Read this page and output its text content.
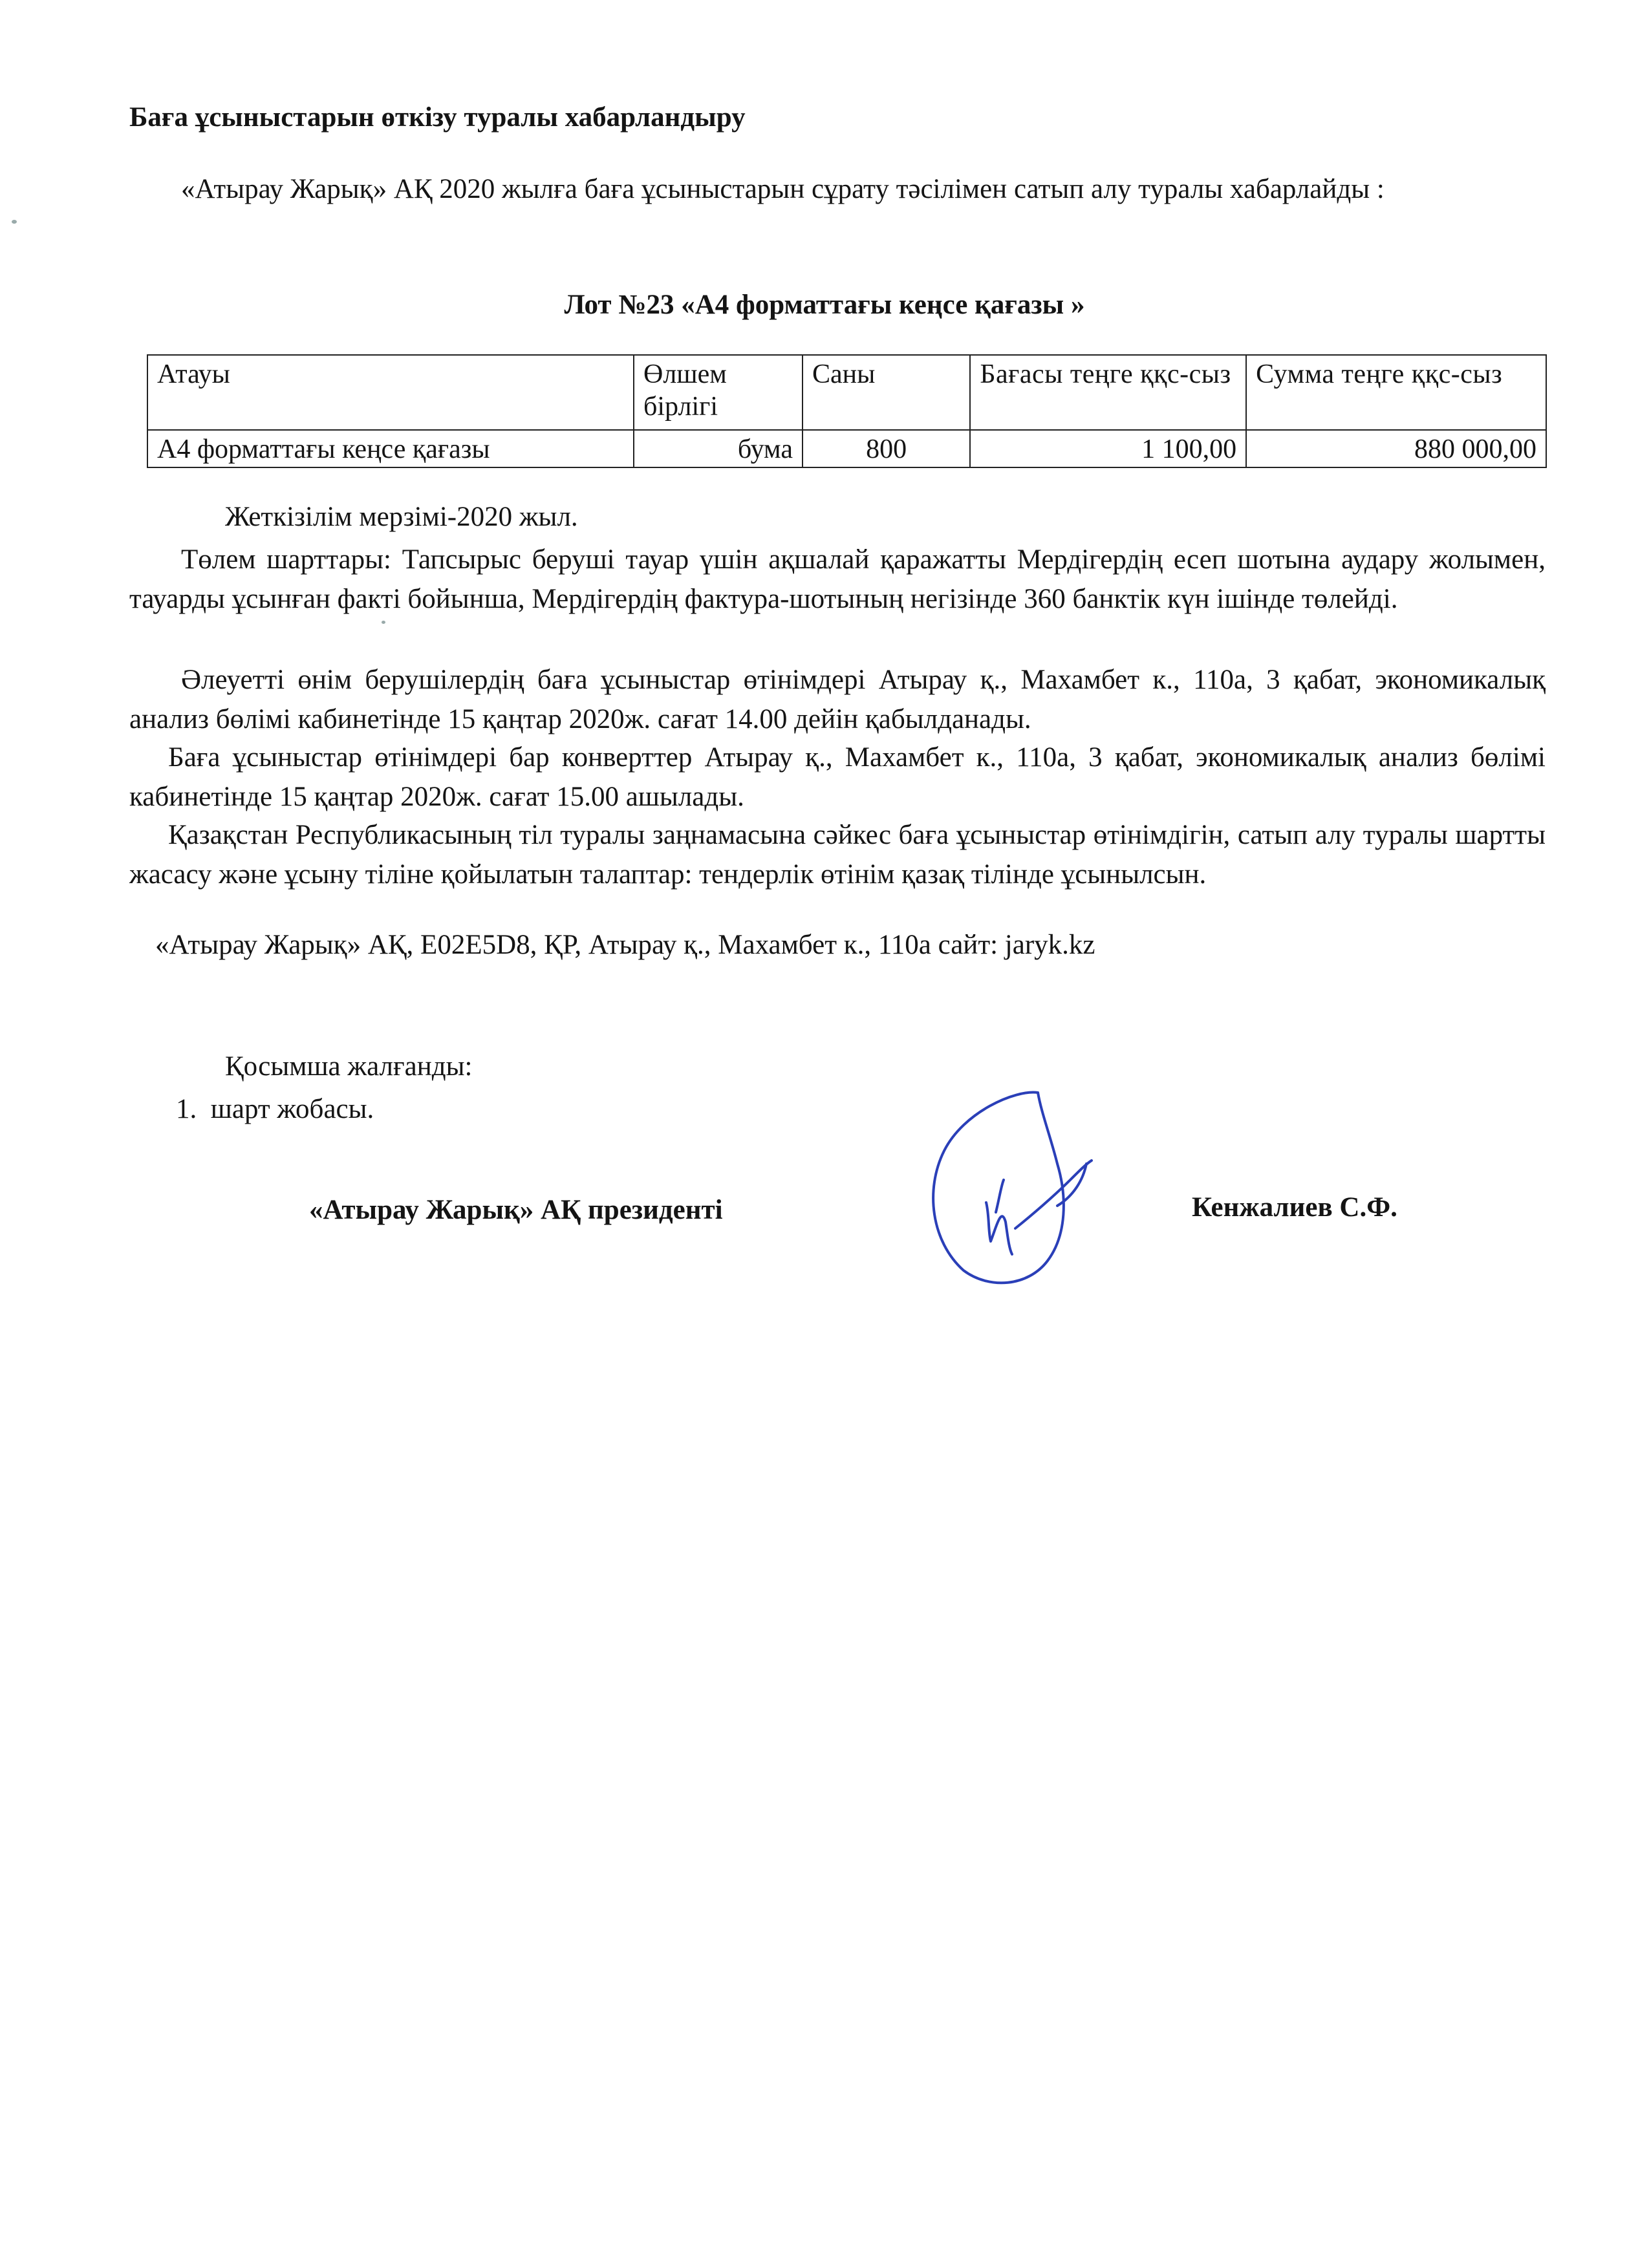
Баға ұсыныстарын өткізу туралы хабарландыру
«Атырау Жарық» АҚ 2020 жылға баға ұсыныстарын сұрату тәсілімен сатып алу туралы хабарлайды :
Лот №23 «А4 форматтағы кеңсе қағазы »
Атауы	Өлшем бірлігі	Саны	Бағасы теңге ққс-сыз	Сумма теңге ққс-сыз
А4 форматтағы кеңсе қағазы	бума	800	1 100,00	880 000,00
Жеткізілім мерзімі-2020 жыл.
Төлем шарттары: Тапсырыс беруші тауар үшін ақшалай қаражатты Мердігердің есеп шотына аудару жолымен, тауарды ұсынған факті бойынша, Мердігердің фактура-шотының негізінде 360 банктік күн ішінде төлейді.
Әлеуетті өнім берушілердің баға ұсыныстар өтінімдері Атырау қ., Махамбет к., 110а, 3 қабат, экономикалық анализ бөлімі кабинетінде 15 қаңтар 2020ж. сағат 14.00 дейін қабылданады.
Баға ұсыныстар өтінімдері бар конверттер Атырау қ., Махамбет к., 110а, 3 қабат, экономикалық анализ бөлімі кабинетінде 15 қаңтар 2020ж. сағат 15.00 ашылады.
Қазақстан Республикасының тіл туралы заңнамасына сәйкес баға ұсыныстар өтінімдігін, сатып алу туралы шартты жасасу және ұсыну тіліне қойылатын талаптар: тендерлік өтінім қазақ тілінде ұсынылсын.
«Атырау Жарық» АҚ, Е02Е5D8, ҚР, Атырау қ., Махамбет к., 110а сайт: jaryk.kz
Қосымша жалғанды:
1.  шарт жобасы.
«Атырау Жарық» АҚ президенті	Кенжалиев С.Ф.
